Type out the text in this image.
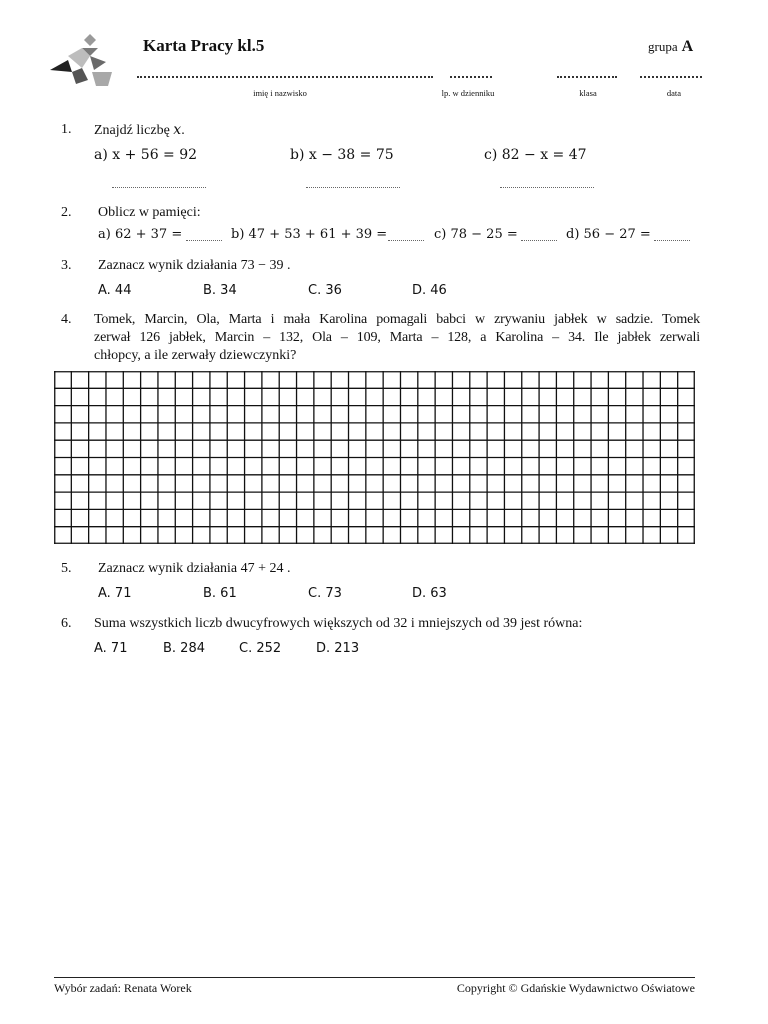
Karta Pracy kl.5	grupa A
imię i nazwisko	lp. w dzienniku	klasa	data
1. Znajdź liczbę x.
a) x + 56 = 92	b) x − 38 = 75	c) 82 − x = 47
2. Oblicz w pamięci:
a) 62 + 37 =	b) 47 + 53 + 61 + 39 =	c) 78 − 25 =	d) 56 − 27 =
3. Zaznacz wynik działania 73 − 39 .
A. 44	B. 34	C. 36	D. 46
4. Tomek, Marcin, Ola, Marta i mała Karolina pomagali babci w zrywaniu jabłek w sadzie. Tomek
zerwał 126 jabłek, Marcin – 132, Ola – 109, Marta – 128, a Karolina – 34. Ile jabłek zerwali
chłopcy, a ile zerwały dziewczynki?
5. Zaznacz wynik działania 47 + 24 .
A. 71	B. 61	C. 73	D. 63
6. Suma wszystkich liczb dwucyfrowych większych od 32 i mniejszych od 39 jest równa:
A. 71	B. 284	C. 252	D. 213
Wybór zadań: Renata Worek	Copyright © Gdańskie Wydawnictwo Oświatowe
